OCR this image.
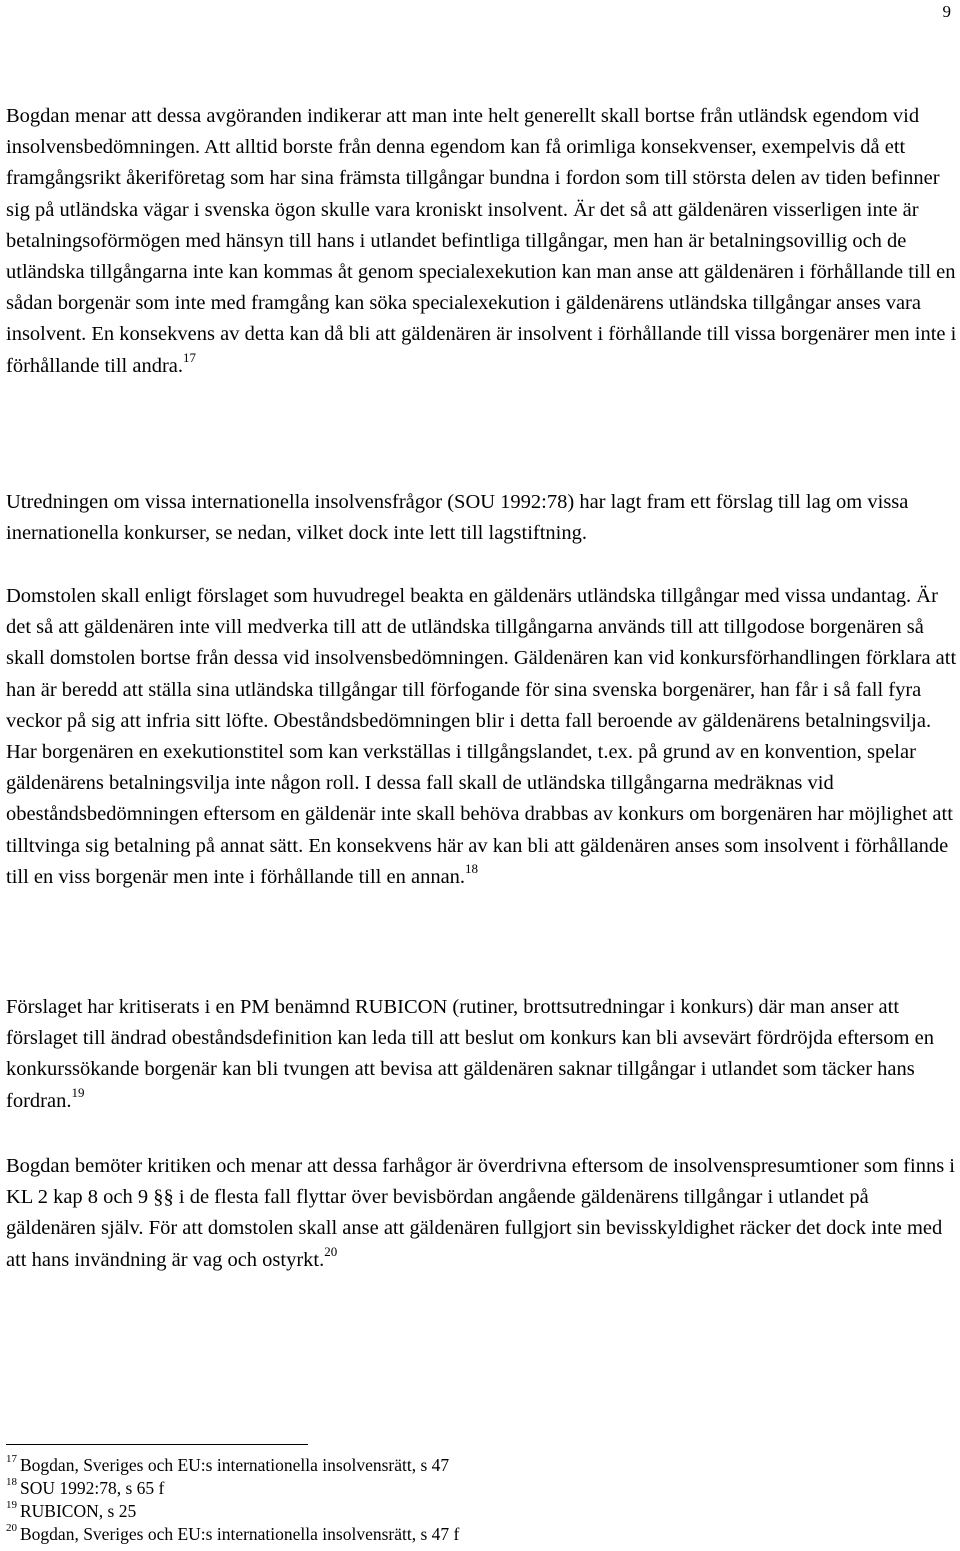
9

Bogdan menar att dessa avgöranden indikerar att man inte helt generellt skall bortse från utländsk egendom vid insolvensbedömningen. Att alltid borste från denna egendom kan få orimliga konsekvenser, exempelvis då ett framgångsrikt åkeriföretag som har sina främsta tillgångar bundna i fordon som till största delen av tiden befinner sig på utländska vägar i svenska ögon skulle vara kroniskt insolvent. Är det så att gäldenären visserligen inte är betalningsoförmögen med hänsyn till hans i utlandet befintliga tillgångar, men han är betalningsovillig och de utländska tillgångarna inte kan kommas åt genom specialexekution kan man anse att gäldenären i förhållande till en sådan borgenär som inte med framgång kan söka specialexekution i gäldenärens utländska tillgångar anses vara insolvent. En konsekvens av detta kan då bli att gäldenären är insolvent i förhållande till vissa borgenärer men inte i förhållande till andra.$^{17}$

Utredningen om vissa internationella insolvensfrågor (SOU 1992:78) har lagt fram ett förslag till lag om vissa inernationella konkurser, se nedan, vilket dock inte lett till lagstiftning.

Domstolen skall enligt förslaget som huvudregel beakta en gäldenärs utländska tillgångar med vissa undantag. Är det så att gäldenären inte vill medverka till att de utländska tillgångarna används till att tillgodose borgenären så skall domstolen bortse från dessa vid insolvensbedömningen. Gäldenären kan vid konkursförhandlingen förklara att han är beredd att ställa sina utländska tillgångar till förfogande för sina svenska borgenärer, han får i så fall fyra veckor på sig att infria sitt löfte. Obeståndsbedömningen blir i detta fall beroende av gäldenärens betalningsvilja. Har borgenären en exekutionstitel som kan verkställas i tillgångslandet, t.ex. på grund av en konvention, spelar gäldenärens betalningsvilja inte någon roll. I dessa fall skall de utländska tillgångarna medräknas vid obeståndsbedömningen eftersom en gäldenär inte skall behöva drabbas av konkurs om borgenären har möjlighet att tilltvinga sig betalning på annat sätt. En konsekvens här av kan bli att gäldenären anses som insolvent i förhållande till en viss borgenär men inte i förhållande till en annan.$^{18}$

Förslaget har kritiserats i en PM benämnd RUBICON (rutiner, brottsutredningar i konkurs) där man anser att förslaget till ändrad obeståndsdefinition kan leda till att beslut om konkurs kan bli avsevärt fördröjda eftersom en konkurssökande borgenär kan bli tvungen att bevisa att gäldenären saknar tillgångar i utlandet som täcker hans fordran.$^{19}$

Bogdan bemöter kritiken och menar att dessa farhågor är överdrivna eftersom de insolvenspresumtioner som finns i KL 2 kap 8 och 9 §§ i de flesta fall flyttar över bevisbördan angående gäldenärens tillgångar i utlandet på gäldenären själv. För att domstolen skall anse att gäldenären fullgjort sin bevisskyldighet räcker det dock inte med att hans invändning är vag och ostyrkt.$^{20}$

$^{17}$ Bogdan, Sveriges och EU:s internationella insolvensrätt, s 47
$^{18}$ SOU 1992:78, s 65 f
$^{19}$ RUBICON, s 25
$^{20}$ Bogdan, Sveriges och EU:s internationella insolvensrätt, s 47 f
